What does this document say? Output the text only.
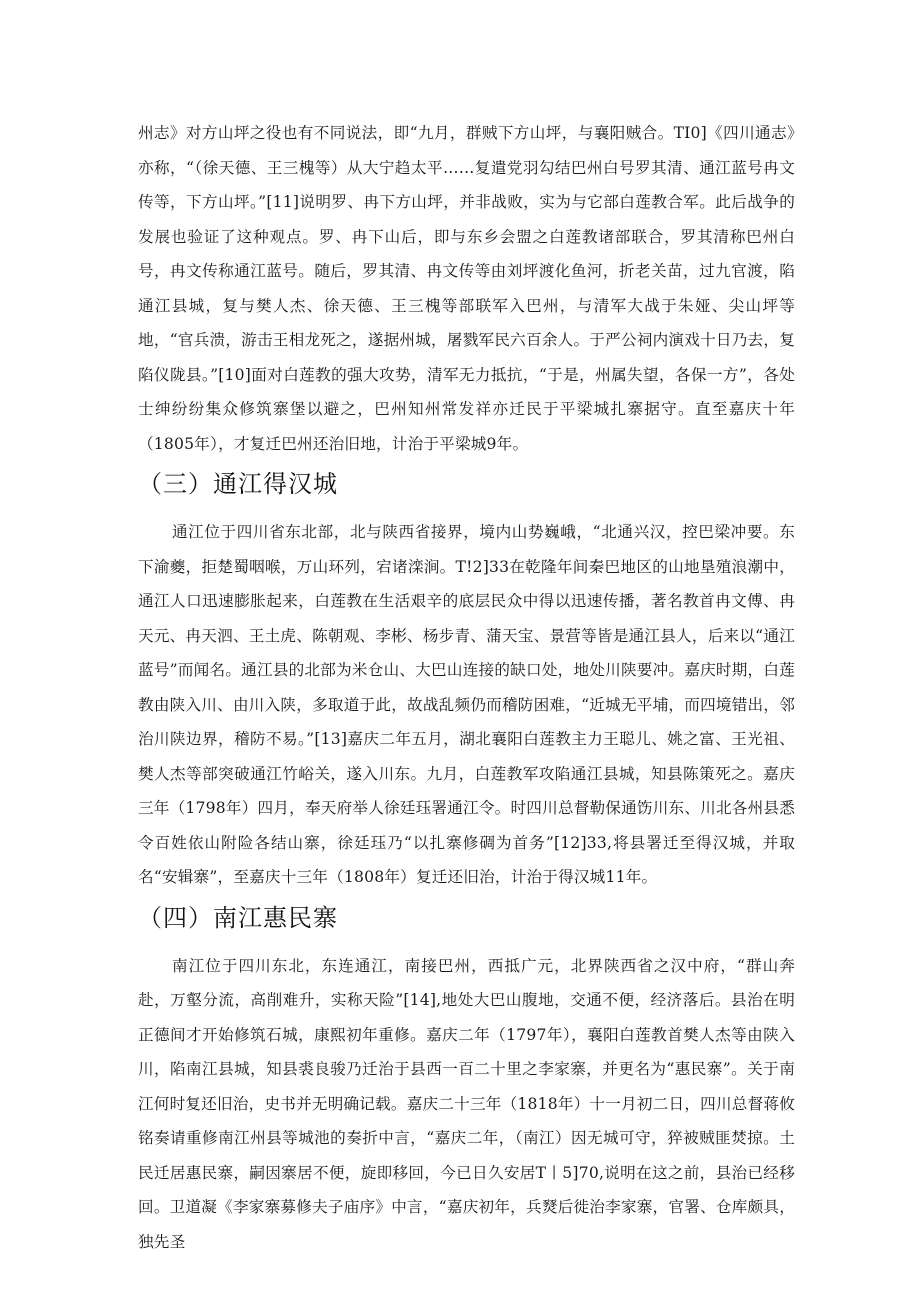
州志》对方山坪之役也有不同说法，即“九月，群贼下方山坪，与襄阳贼合。TI0]《四川通志》亦称，“（徐天德、王三槐等）从大宁趋太平……复遣党羽勾结巴州白号罗其清、通江蓝号冉文传等，下方山坪。”[11]说明罗、冉下方山坪，并非战败，实为与它部白莲教合军。此后战争的发展也验证了这种观点。罗、冉下山后，即与东乡会盟之白莲教诸部联合，罗其清称巴州白号，冉文传称通江蓝号。随后，罗其清、冉文传等由刘坪渡化鱼河，折老关苗，过九官渡，陷通江县城，复与樊人杰、徐天德、王三槐等部联军入巴州，与清军大战于朱娅、尖山坪等地，“官兵溃，游击王相龙死之，遂据州城，屠戮军民六百余人。于严公祠内演戏十日乃去，复陷仪陇县。”[10]面对白莲教的强大攻势，清军无力抵抗，“于是，州属失望，各保一方”，各处士绅纷纷集众修筑寨堡以避之，巴州知州常发祥亦迁民于平梁城扎寨据守。直至嘉庆十年（1805年），才复迁巴州还治旧地，计治于平梁城9年。

（三）通江得汉城

通江位于四川省东北部，北与陕西省接界，境内山势巍峨，“北通兴汉，控巴梁冲要。东下渝夔，拒楚蜀咽喉，万山环列，宕诸滦涧。T!2]33在乾隆年间秦巴地区的山地垦殖浪潮中，通江人口迅速膨胀起来，白莲教在生活艰辛的底层民众中得以迅速传播，著名教首冉文傅、冉天元、冉天泗、王土虎、陈朝观、李彬、杨步青、蒲天宝、景营等皆是通江县人，后来以“通江蓝号”而闻名。通江县的北部为米仓山、大巴山连接的缺口处，地处川陕要冲。嘉庆时期，白莲教由陕入川、由川入陕，多取道于此，故战乱频仍而稽防困难，“近城无平埔，而四境错出，邻治川陕边界，稽防不易。”[13]嘉庆二年五月，湖北襄阳白莲教主力王聪儿、姚之富、王光祖、樊人杰等部突破通江竹峪关，遂入川东。九月，白莲教军攻陷通江县城，知县陈策死之。嘉庆三年（1798年）四月，奉天府举人徐廷珏署通江令。时四川总督勒保通饬川东、川北各州县悉令百姓依山附险各结山寨，徐廷珏乃“以扎寨修碉为首务”[12]33,将县署迁至得汉城，并取名“安辑寨”，至嘉庆十三年（1808年）复迁还旧治，计治于得汉城11年。

（四）南江惠民寨

南江位于四川东北，东连通江，南接巴州，西抵广元，北界陕西省之汉中府，“群山奔赴，万壑分流，高削难升，实称天险”[14],地处大巴山腹地，交通不便，经济落后。县治在明正德间才开始修筑石城，康熙初年重修。嘉庆二年（1797年），襄阳白莲教首樊人杰等由陕入川，陷南江县城，知县裘良骏乃迁治于县西一百二十里之李家寨，并更名为“惠民寨”。关于南江何时复还旧治，史书并无明确记载。嘉庆二十三年（1818年）十一月初二日，四川总督蒋攸铭奏请重修南江州县等城池的奏折中言，“嘉庆二年，（南江）因无城可守，猝被贼匪焚掠。土民迁居惠民寨，嗣因寨居不便，旋即移回，今已日久安居T丨5]70,说明在这之前，县治已经移回。卫道凝《李家寨募修夫子庙序》中言，“嘉庆初年，兵燹后徙治李家寨，官署、仓库颇具，独先圣
